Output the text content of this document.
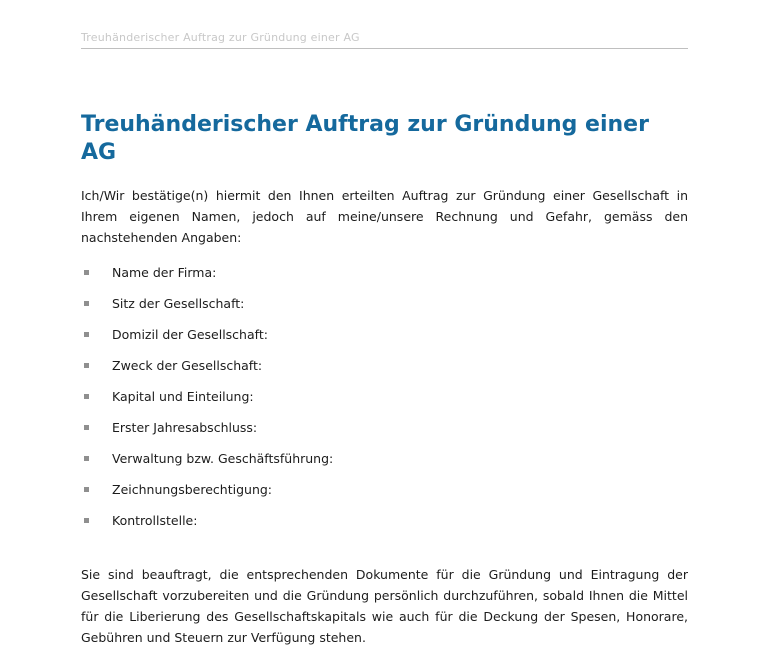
Treuhänderischer Auftrag zur Gründung einer AG
Treuhänderischer Auftrag zur Gründung einer AG

Ich/Wir bestätige(n) hiermit den Ihnen erteilten Auftrag zur Gründung einer Gesellschaft in Ihrem eigenen Namen, jedoch auf meine/unsere Rechnung und Gefahr, gemäss den nachstehenden Angaben:

Name der Firma:
Sitz der Gesellschaft:
Domizil der Gesellschaft:
Zweck der Gesellschaft:
Kapital und Einteilung:
Erster Jahresabschluss:
Verwaltung bzw. Geschäftsführung:
Zeichnungsberechtigung:
Kontrollstelle:

Sie sind beauftragt, die entsprechenden Dokumente für die Gründung und Eintragung der Gesellschaft vorzubereiten und die Gründung persönlich durchzuführen, sobald Ihnen die Mittel für die Liberierung des Gesellschaftskapitals wie auch für die Deckung der Spesen, Honorare, Gebühren und Steuern zur Verfügung stehen.
